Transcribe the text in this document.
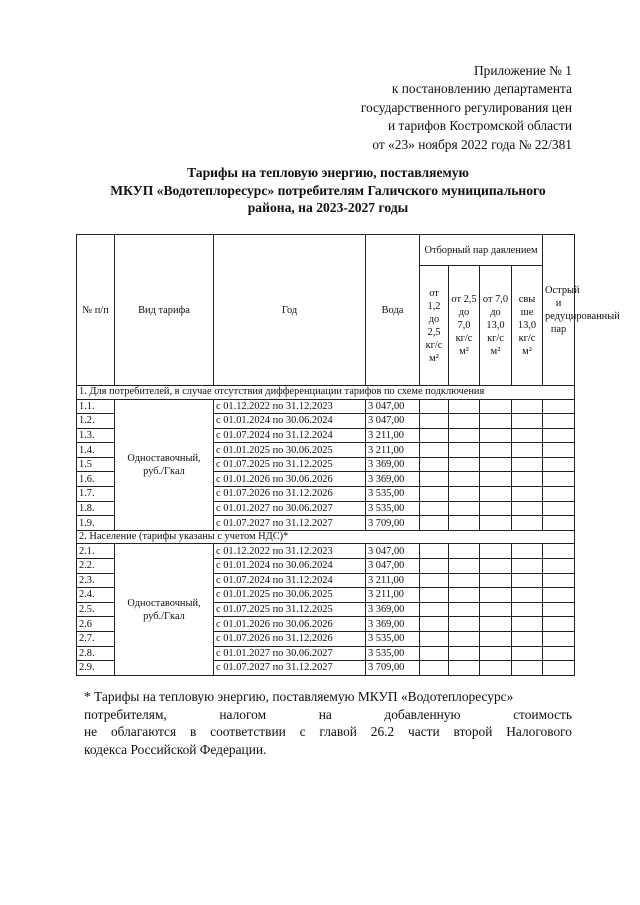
Приложение № 1
к постановлению департамента
государственного регулирования цен
и тарифов Костромской области
от «23» ноября 2022 года № 22/381
Тарифы на тепловую энергию, поставляемую
МКУП «Водотеплоресурс» потребителям Галичского муниципального
района, на 2023-2027 годы
№ п/п	Вид тарифа	Год	Вода	Отборный пар давлением				Острый и редуцированный пар

				от 1,2 до 2,5 кг/с м²	от 2,5 до 7,0 кг/с м²	от 7,0 до 13,0 кг/с м²	свы ше 13,0 кг/с м²	

1. Для потребителей, в случае отсутствия дифференциации тарифов по схеме подключения								
1.1.	Одноставочный, руб./Гкал	с 01.12.2022 по 31.12.2023	3 047,00					
1.2.		с 01.01.2024 по 30.06.2024	3 047,00					
1.3.		с 01.07.2024 по 31.12.2024	3 211,00					
1.4.		с 01.01.2025 по 30.06.2025	3 211,00					
1.5		с 01.07.2025 по 31.12.2025	3 369,00					
1.6.		с 01.01.2026 по 30.06.2026	3 369,00					
1.7.		с 01.07.2026 по 31.12.2026	3 535,00					
1.8.		с 01.01.2027 по 30.06.2027	3 535,00					
1.9.		с 01.07.2027 по 31.12.2027	3 709,00					
2. Население (тарифы указаны с учетом НДС)*								
2.1.	Одноставочный, руб./Гкал	с 01.12.2022 по 31.12.2023	3 047,00					
2.2.		с 01.01.2024 по 30.06.2024	3 047,00					
2.3.		с 01.07.2024 по 31.12.2024	3 211,00					
2.4.		с 01.01.2025 по 30.06.2025	3 211,00					
2.5.		с 01.07.2025 по 31.12.2025	3 369,00					
2.6		с 01.01.2026 по 30.06.2026	3 369,00					
2.7.		с 01.07.2026 по 31.12.2026	3 535,00					
2.8.		с 01.01.2027 по 30.06.2027	3 535,00					
2.9.		с 01.07.2027 по 31.12.2027	3 709,00					
* Тарифы на тепловую энергию, поставляемую МКУП «Водотеплоресурс»
потребителям,	налогом	на	добавленную	стоимость
не облагаются в соответствии с главой 26.2 части второй Налогового
кодекса Российской Федерации.
